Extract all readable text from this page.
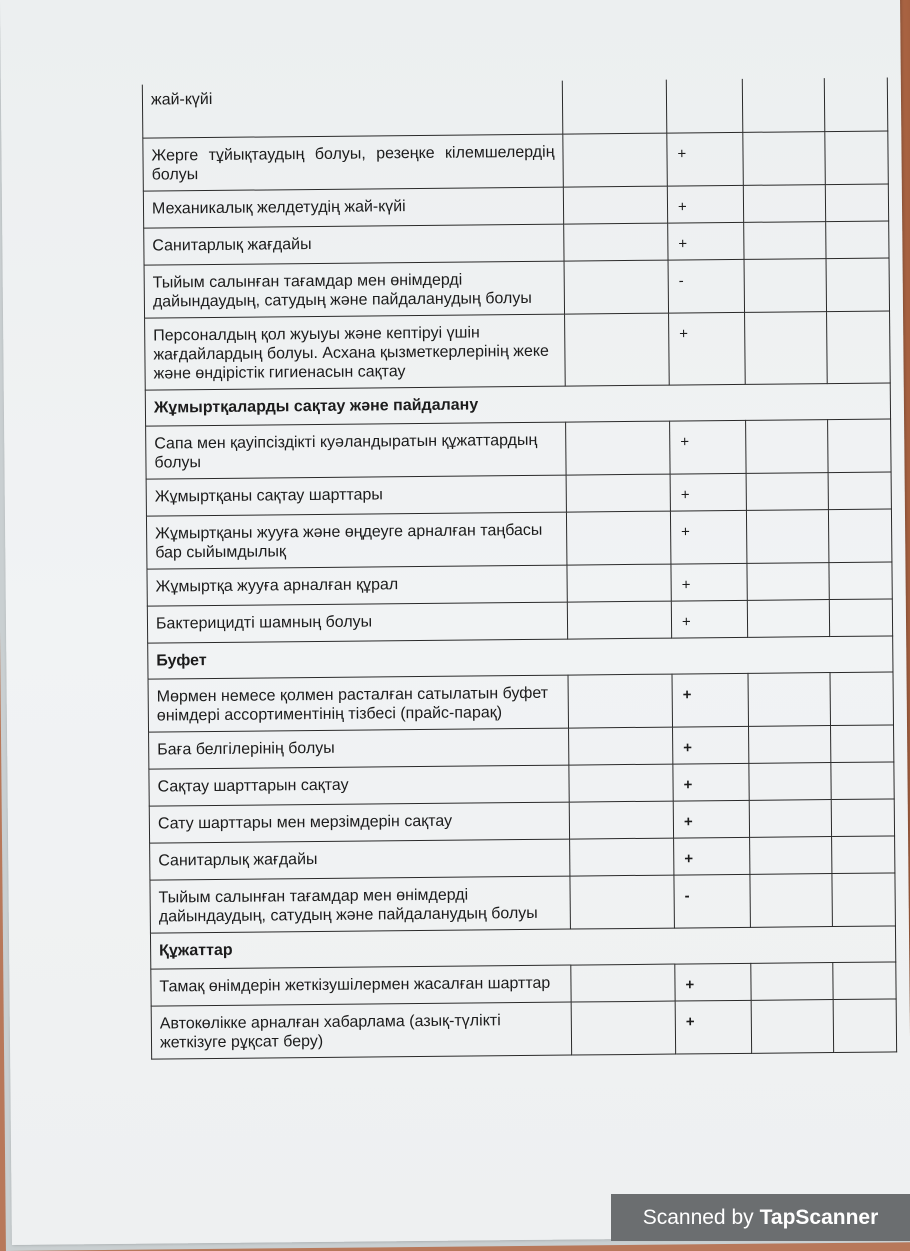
жай-күйі				
Жерге тұйықтаудың болуы, резеңке кілемшелердің болуы		+		
Механикалық желдетудің жай-күйі		+		
Санитарлық жағдайы		+		
Тыйым салынған тағамдар мен өнімдерді дайындаудың, сатудың және пайдаланудың болуы		-		
Персоналдың қол жуыуы және кептіруі үшін жағдайлардың болуы. Асхана қызметкерлерінің жеке және өндірістік гигиенасын сақтау		+		
Жұмыртқаларды сақтау және пайдалану				
Сапа мен қауіпсіздікті куәландыратын құжаттардың болуы		+		
Жұмыртқаны сақтау шарттары		+		
Жұмыртқаны жууға және өңдеуге арналған таңбасы бар сыйымдылық		+		
Жұмыртқа жууға арналған құрал		+		
Бактерицидті шамның болуы		+		
Буфет				
Мөрмен немесе қолмен расталған сатылатын буфет өнімдері ассортиментінің тізбесі (прайс-парақ)		+		
Баға белгілерінің болуы		+		
Сақтау шарттарын сақтау		+		
Сату шарттары мен мерзімдерін сақтау		+		
Санитарлық жағдайы		+		
Тыйым салынған тағамдар мен өнімдерді дайындаудың, сатудың және пайдаланудың болуы		-		
Құжаттар				
Тамақ өнімдерін жеткізушілермен жасалған шарттар		+		
Автокөлікке арналған хабарлама (азық-түлікті жеткізуге рұқсат беру)		+		
Scanned by TapScanner
